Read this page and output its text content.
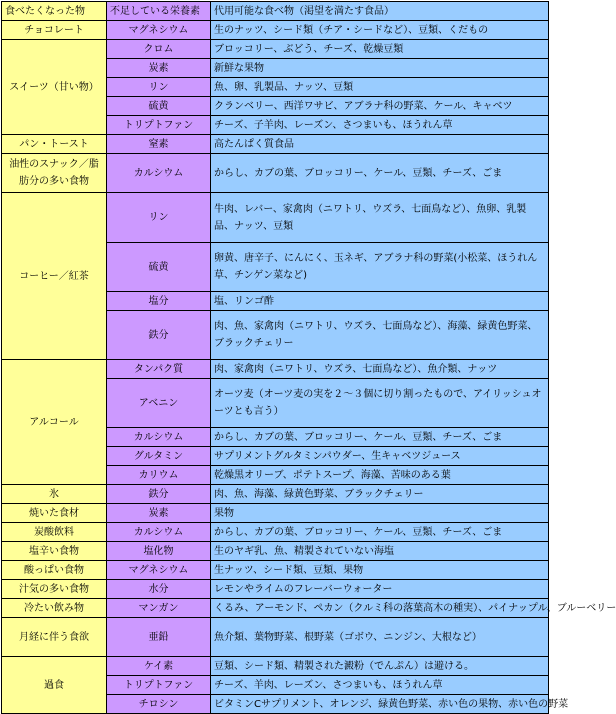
食べたくなった物	不足している栄養素	代用可能な食べ物（渇望を満たす食品）
チョコレート	マグネシウム	生のナッツ、シード類（チア・シードなど）、豆類、くだもの
スイーツ（甘い物）	クロム	ブロッコリー、ぶどう、チーズ、乾燥豆類
	炭素	新鮮な果物
	リン	魚、卵、乳製品、ナッツ、豆類
	硫黄	クランベリー、西洋ワサビ、アブラナ科の野菜、ケール、キャベツ
	トリプトファン	チーズ、子羊肉、レーズン、さつまいも、ほうれん草
パン・トースト	窒素	高たんぱく質食品
油性のスナック／脂肪分の多い食物	カルシウム	からし、カブの葉、ブロッコリー、ケール、豆類、チーズ、ごま
コーヒー／紅茶	リン	牛肉、レバー、家禽肉（ニワトリ、ウズラ、七面鳥など）、魚卵、乳製品、ナッツ、豆類
	硫黄	卵黄、唐辛子、にんにく、玉ネギ、アブラナ科の野菜(小松菜、ほうれん草、チンゲン菜など)
	塩分	塩、リンゴ酢
	鉄分	肉、魚、家禽肉（ニワトリ、ウズラ、七面鳥など）、海藻、緑黄色野菜、ブラックチェリー
アルコール	タンパク質	肉、家禽肉（ニワトリ、ウズラ、七面鳥など）、魚介類、ナッツ
	アベニン	オーツ麦（オーツ麦の実を２～３個に切り割ったもので、アイリッシュオーツとも言う）
	カルシウム	からし、カブの葉、ブロッコリー、ケール、豆類、チーズ、ごま
	グルタミン	サプリメントグルタミンパウダー、生キャベツジュース
	カリウム	乾燥黒オリーブ、ポテトスープ、海藻、苦味のある葉
氷	鉄分	肉、魚、海藻、緑黄色野菜、ブラックチェリー
焼いた食材	炭素	果物
炭酸飲料	カルシウム	からし、カブの葉、ブロッコリー、ケール、豆類、チーズ、ごま
塩辛い食物	塩化物	生のヤギ乳、魚、精製されていない海塩
酸っぱい食物	マグネシウム	生ナッツ、シード類、豆類、果物
汁気の多い食物	水分	レモンやライムのフレーバーウォーター
冷たい飲み物	マンガン	くるみ、アーモンド、ペカン（クルミ科の落葉高木の種実）、パイナップル、ブルーベリー
月経に伴う食欲	亜鉛	魚介類、葉物野菜、根野菜（ゴボウ、ニンジン、大根など）
過食	ケイ素	豆類、シード類、精製された澱粉（でんぷん）は避ける。
	トリプトファン	チーズ、羊肉、レーズン、さつまいも、ほうれん草
	チロシン	ビタミンCサプリメント、オレンジ、緑黄色野菜、赤い色の果物、赤い色の野菜
